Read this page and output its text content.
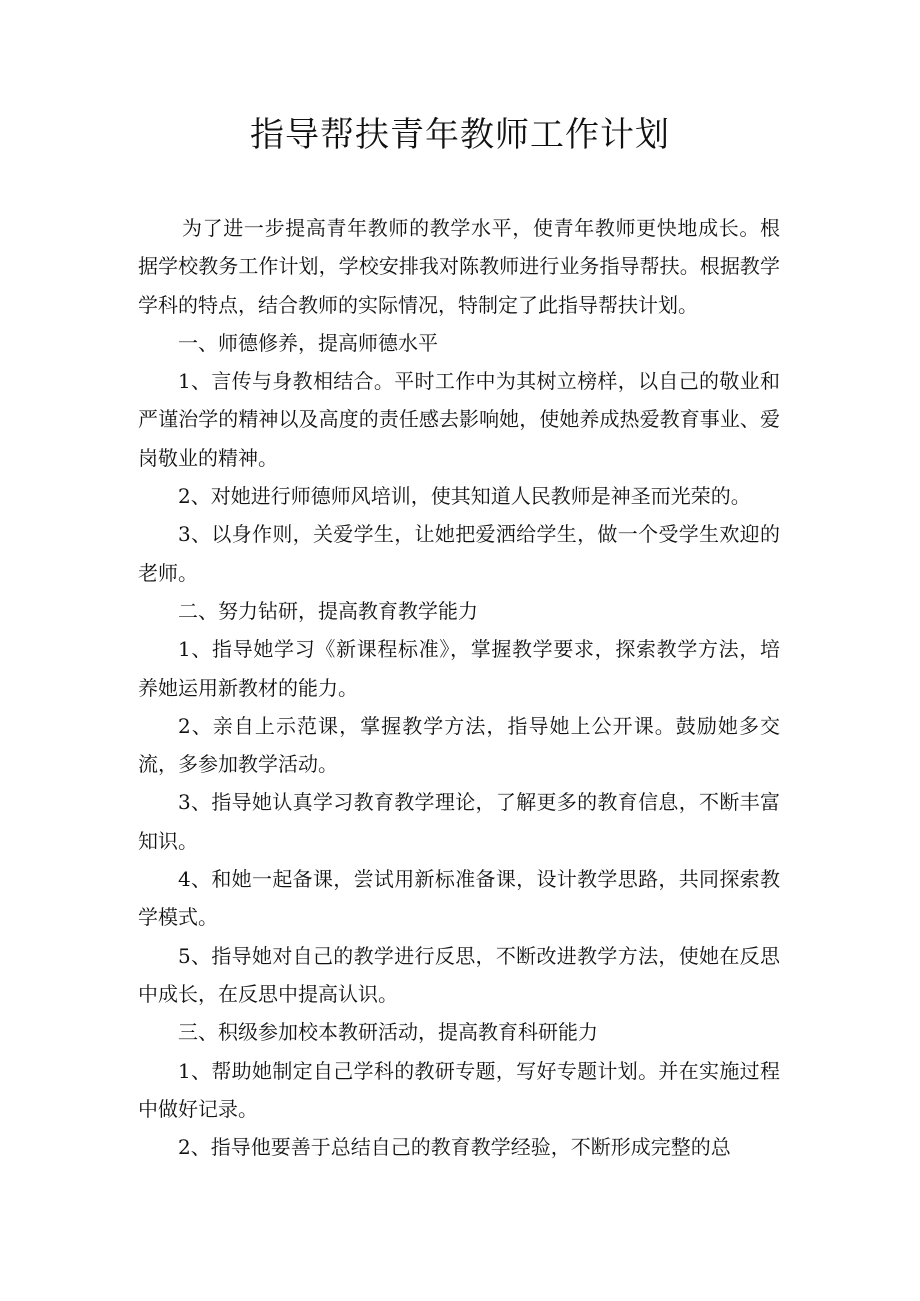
指导帮扶青年教师工作计划

为了进一步提高青年教师的教学水平，使青年教师更快地成长。根据学校教务工作计划，学校安排我对陈教师进行业务指导帮扶。根据教学学科的特点，结合教师的实际情况，特制定了此指导帮扶计划。

一、师德修养，提高师德水平

1、言传与身教相结合。平时工作中为其树立榜样，以自己的敬业和严谨治学的精神以及高度的责任感去影响她，使她养成热爱教育事业、爱岗敬业的精神。

2、对她进行师德师风培训，使其知道人民教师是神圣而光荣的。

3、以身作则，关爱学生，让她把爱洒给学生，做一个受学生欢迎的老师。

二、努力钻研，提高教育教学能力

1、指导她学习《新课程标准》，掌握教学要求，探索教学方法，培养她运用新教材的能力。

2、亲自上示范课，掌握教学方法，指导她上公开课。鼓励她多交流，多参加教学活动。

3、指导她认真学习教育教学理论，了解更多的教育信息，不断丰富知识。

4、和她一起备课，尝试用新标准备课，设计教学思路，共同探索教学模式。

5、指导她对自己的教学进行反思，不断改进教学方法，使她在反思中成长，在反思中提高认识。

三、积级参加校本教研活动，提高教育科研能力

1、帮助她制定自己学科的教研专题，写好专题计划。并在实施过程中做好记录。

2、指导他要善于总结自己的教育教学经验，不断形成完整的总
